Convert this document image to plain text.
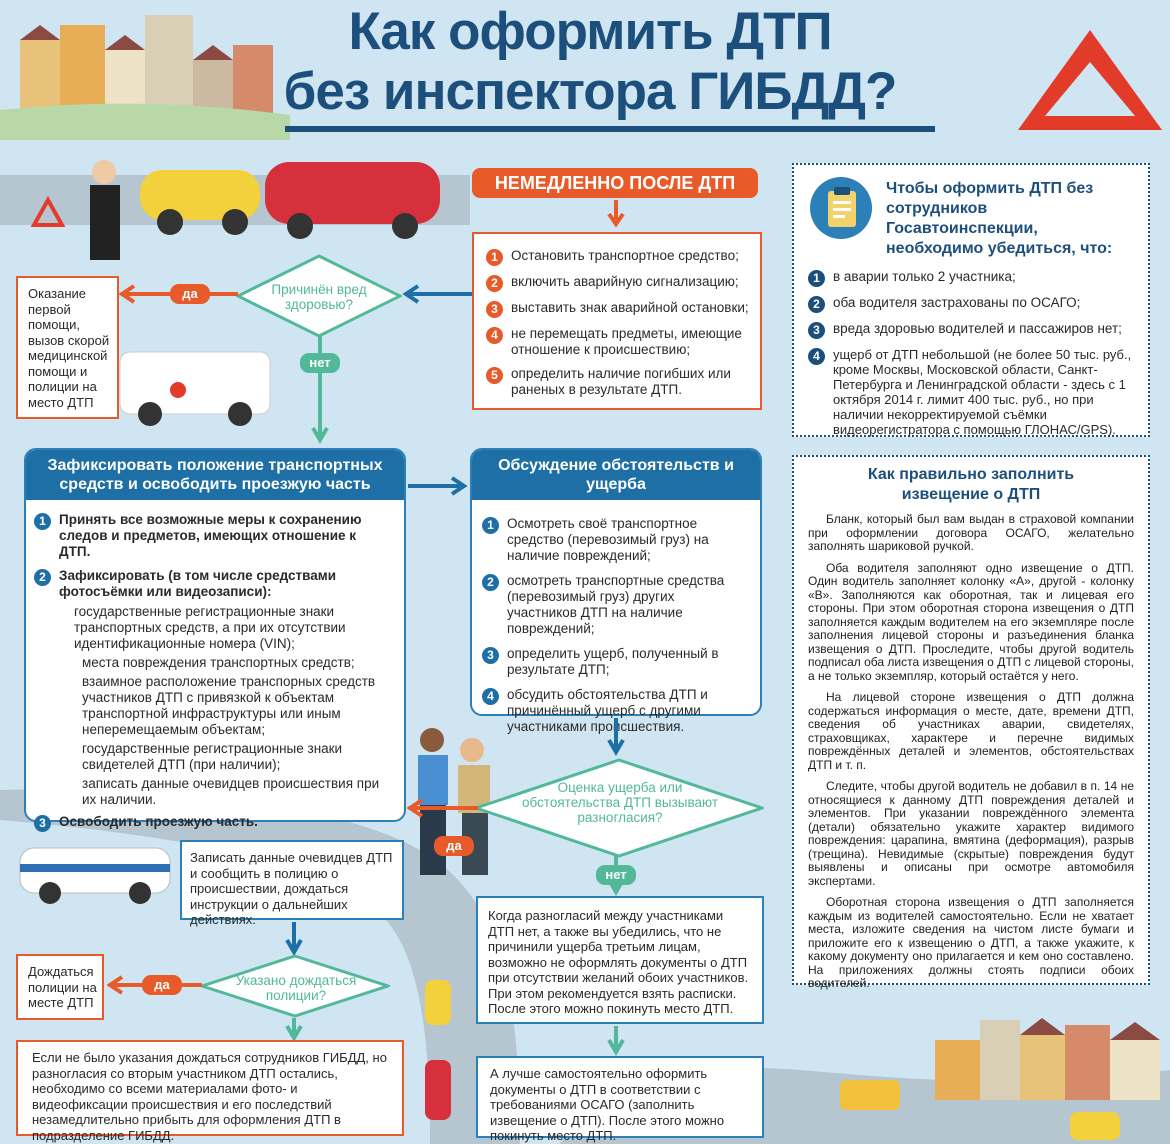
Как оформить ДТП
без инспектора ГИБДД?
НЕМЕДЛЕННО ПОСЛЕ ДТП
1 Остановить транспортное средство;
2 включить аварийную сигнализацию;
3 выставить знак аварийной остановки;
4 не перемещать предметы, имеющие отношение к происшествию;
5 определить наличие погибших или раненых в результате ДТП.
Причинён вред здоровью?
да
нет
Оказание первой помощи, вызов скорой медицинской помощи и полиции на место ДТП
Зафиксировать положение транспортных средств и освободить проезжую часть
1 Принять все возможные меры к сохранению следов и предметов, имеющих отношение к ДТП.
2 Зафиксировать (в том числе средствами фотосъёмки или видеозаписи):
государственные регистрационные знаки транспортных средств, а при их отсутствии идентификационные номера (VIN);
места повреждения транспортных средств;
взаимное расположение транспорных средств участников ДТП с привязкой к объектам транспортной инфраструктуры или иным неперемещаемым объектам;
государственные регистрационные знаки свидетелей ДТП (при наличии);
записать данные очевидцев происшествия при их наличии.
3 Освободить проезжую часть.
Обсуждение обстоятельств и ущерба
1 Осмотреть своё транспортное средство (перевозимый груз) на наличие повреждений;
2 осмотреть транспортные средства (перевозимый груз) других участников ДТП на наличие повреждений;
3 определить ущерб, полученный в результате ДТП;
4 обсудить обстоятельства ДТП и причинённый ущерб с другими участниками происшествия.
Оценка ущерба или обстоятельства ДТП вызывают разногласия?
да
нет
Записать данные очевидцев ДТП и сообщить в полицию о происшествии, дождаться инструкции о дальнейших действиях.
Указано дождаться полиции?
да
Дождаться полиции на месте ДТП
Если не было указания дождаться сотрудников ГИБДД, но разногласия со вторым участником ДТП остались, необходимо со всеми материалами фото- и видеофиксации происшествия и его последствий незамедлительно прибыть для оформления ДТП в подразделение ГИБДД.
Когда разногласий между участниками ДТП нет, а также вы убедились, что не причинили ущерба третьим лицам, возможно не оформлять документы о ДТП при отсутствии желаний обоих участников. При этом рекомендуется взять расписки. После этого можно покинуть место ДТП.
А лучше самостоятельно оформить документы о ДТП в соответствии с требованиями ОСАГО (заполнить извещение о ДТП). После этого можно покинуть место ДТП.
Чтобы оформить ДТП без сотрудников Госавтоинспекции, необходимо убедиться, что:
1 в аварии только 2 участника;
2 оба водителя застрахованы по ОСАГО;
3 вреда здоровью водителей и пассажиров нет;
4	ущерб от ДТП небольшой (не более 50 тыс. руб., кроме Москвы, Московской области, Санкт-Петербурга и Ленинградской области - здесь с 1 октября 2014 г. лимит 400 тыс. руб., но при наличии некорректируемой съёмки видеорегистратора с помощью ГЛОНАС/GPS).
Как правильно заполнить извещение о ДТП
Бланк, который был вам выдан в страховой компании при оформлении договора ОСАГО, желательно заполнять шариковой ручкой.
Оба водителя заполняют одно извещение о ДТП. Один водитель заполняет колонку «А», другой - колонку «В». Заполняются как оборотная, так и лицевая его стороны. При этом оборотная сторона извещения о ДТП заполняется каждым водителем на его экземпляре после заполнения лицевой стороны и разъединения бланка извещения о ДТП. Проследите, чтобы другой водитель подписал оба листа извещения о ДТП с лицевой стороны, а не только экземпляр, который остаётся у него.
На лицевой стороне извещения о ДТП должна содержаться информация о месте, дате, времени ДТП, сведения об участниках аварии, свидетелях, страховщиках, характере и перечне видимых повреждённых деталей и элементов, обстоятельствах ДТП и т. п.
Следите, чтобы другой водитель не добавил в п. 14 не относящиеся к данному ДТП повреждения деталей и элементов. При указании повреждённого элемента (детали) обязательно укажите характер видимого повреждения: царапина, вмятина (деформация), разрыв (трещина). Невидимые (скрытые) повреждения будут выявлены и описаны при осмотре автомобиля экспертами.
Оборотная сторона извещения о ДТП заполняется каждым из водителей самостоятельно. Если не хватает места, изложите сведения на чистом листе бумаги и приложите его к извещению о ДТП, а также укажите, к какому документу оно прилагается и кем оно составлено. На приложениях должны стоять подписи обоих водителей.
